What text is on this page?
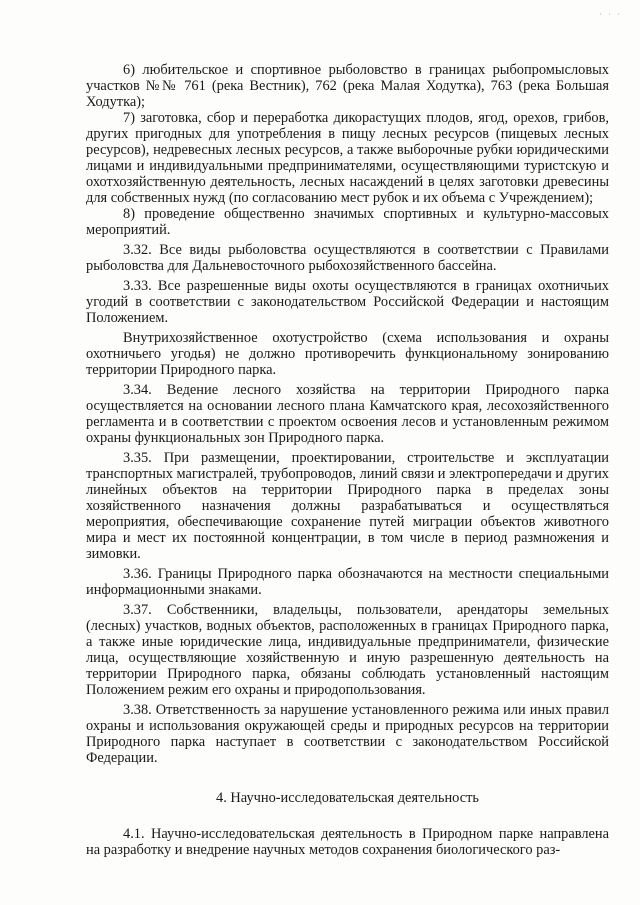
· · ·

6) любительское и спортивное рыболовство в границах рыбопромысловых участков №№ 761 (река Вестник), 762 (река Малая Ходутка), 763 (река Большая Ходутка);

7) заготовка, сбор и переработка дикорастущих плодов, ягод, орехов, грибов, других пригодных для употребления в пищу лесных ресурсов (пищевых лесных ресурсов), недревесных лесных ресурсов, а также выборочные рубки юридическими лицами и индивидуальными предпринимателями, осуществляющими туристскую и охотхозяйственную деятельность, лесных насаждений в целях заготовки древесины для собственных нужд (по согласованию мест рубок и их объема с Учреждением);

8) проведение общественно значимых спортивных и культурно-массовых мероприятий.

3.32. Все виды рыболовства осуществляются в соответствии с Правилами рыболовства для Дальневосточного рыбохозяйственного бассейна.

3.33. Все разрешенные виды охоты осуществляются в границах охотничьих угодий в соответствии с законодательством Российской Федерации и настоящим Положением.

Внутрихозяйственное охотустройство (схема использования и охраны охотничьего угодья) не должно противоречить функциональному зонированию территории Природного парка.

3.34. Ведение лесного хозяйства на территории Природного парка осуществляется на основании лесного плана Камчатского края, лесохозяйственного регламента и в соответствии с проектом освоения лесов и установленным режимом охраны функциональных зон Природного парка.

3.35. При размещении, проектировании, строительстве и эксплуатации транспортных магистралей, трубопроводов, линий связи и электропередачи и других линейных объектов на территории Природного парка в пределах зоны хозяйственного назначения должны разрабатываться и осуществляться мероприятия, обеспечивающие сохранение путей миграции объектов животного мира и мест их постоянной концентрации, в том числе в период размножения и зимовки.

3.36. Границы Природного парка обозначаются на местности специальными информационными знаками.

3.37. Собственники, владельцы, пользователи, арендаторы земельных (лесных) участков, водных объектов, расположенных в границах Природного парка, а также иные юридические лица, индивидуальные предприниматели, физические лица, осуществляющие хозяйственную и иную разрешенную деятельность на территории Природного парка, обязаны соблюдать установленный настоящим Положением режим его охраны и природопользования.

3.38. Ответственность за нарушение установленного режима или иных правил охраны и использования окружающей среды и природных ресурсов на территории Природного парка наступает в соответствии с законодательством Российской Федерации.

4. Научно-исследовательская деятельность

4.1. Научно-исследовательская деятельность в Природном парке направлена на разработку и внедрение научных методов сохранения биологического раз-
